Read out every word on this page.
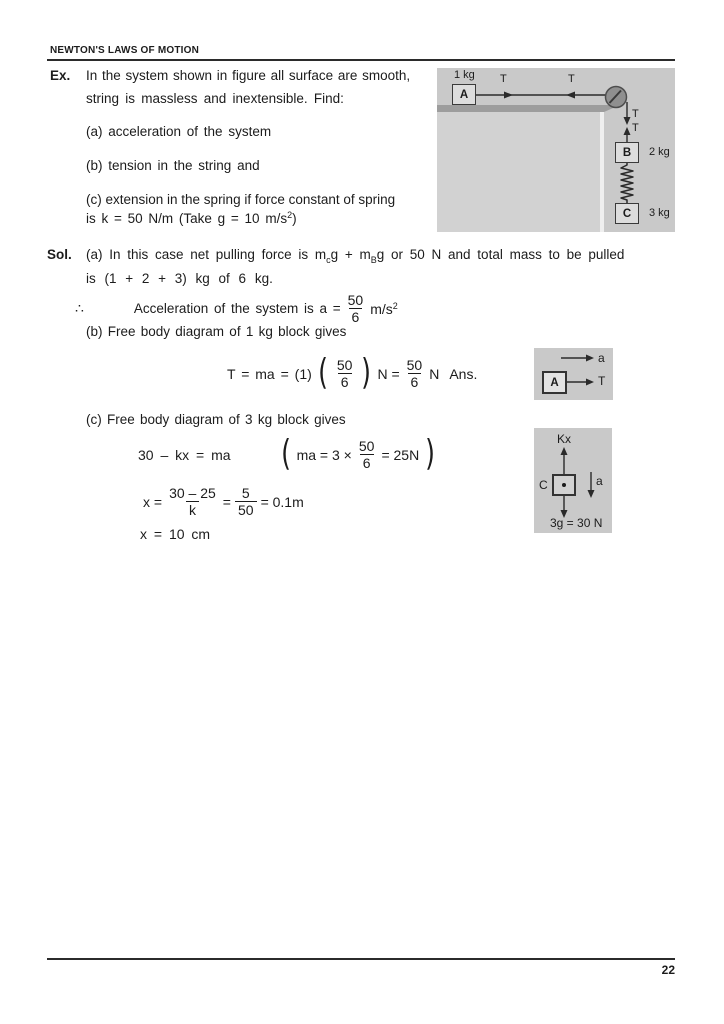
NEWTON'S LAWS OF MOTION
Ex. In the system shown in figure all surface are smooth,
string is massless and inextensible. Find:
(a) acceleration of the system
(b) tension in the string and
(c) extension in the spring if force constant of spring
is k = 50 N/m (Take g = 10 $m/s^2$)
1 kg
A
T	T
T
T
B	2 kg
C	3 kg
Sol. (a) In this case net pulling force is $m_cg + m_Bg$ or 50 N and total mass to be pulled
is (1 + 2 + 3) kg of 6 kg.
∴	Acceleration of the system is $a = \frac{50}{6} m/s^2$
(b) Free body diagram of 1 kg block gives
T = ma = (1) ( $\frac{50}{6}$ ) $N = \frac{50}{6}$ N Ans.
a
A	T
(c) Free body diagram of 3 kg block gives
30 – kx = ma ( ma = $3 \times \frac{50}{6} = 25N$ )	Kx
C	a
3g = 30 N
$x = \frac{30 - 25}{k} = \frac{5}{50} = 0.1m$
x = 10 cm
22
